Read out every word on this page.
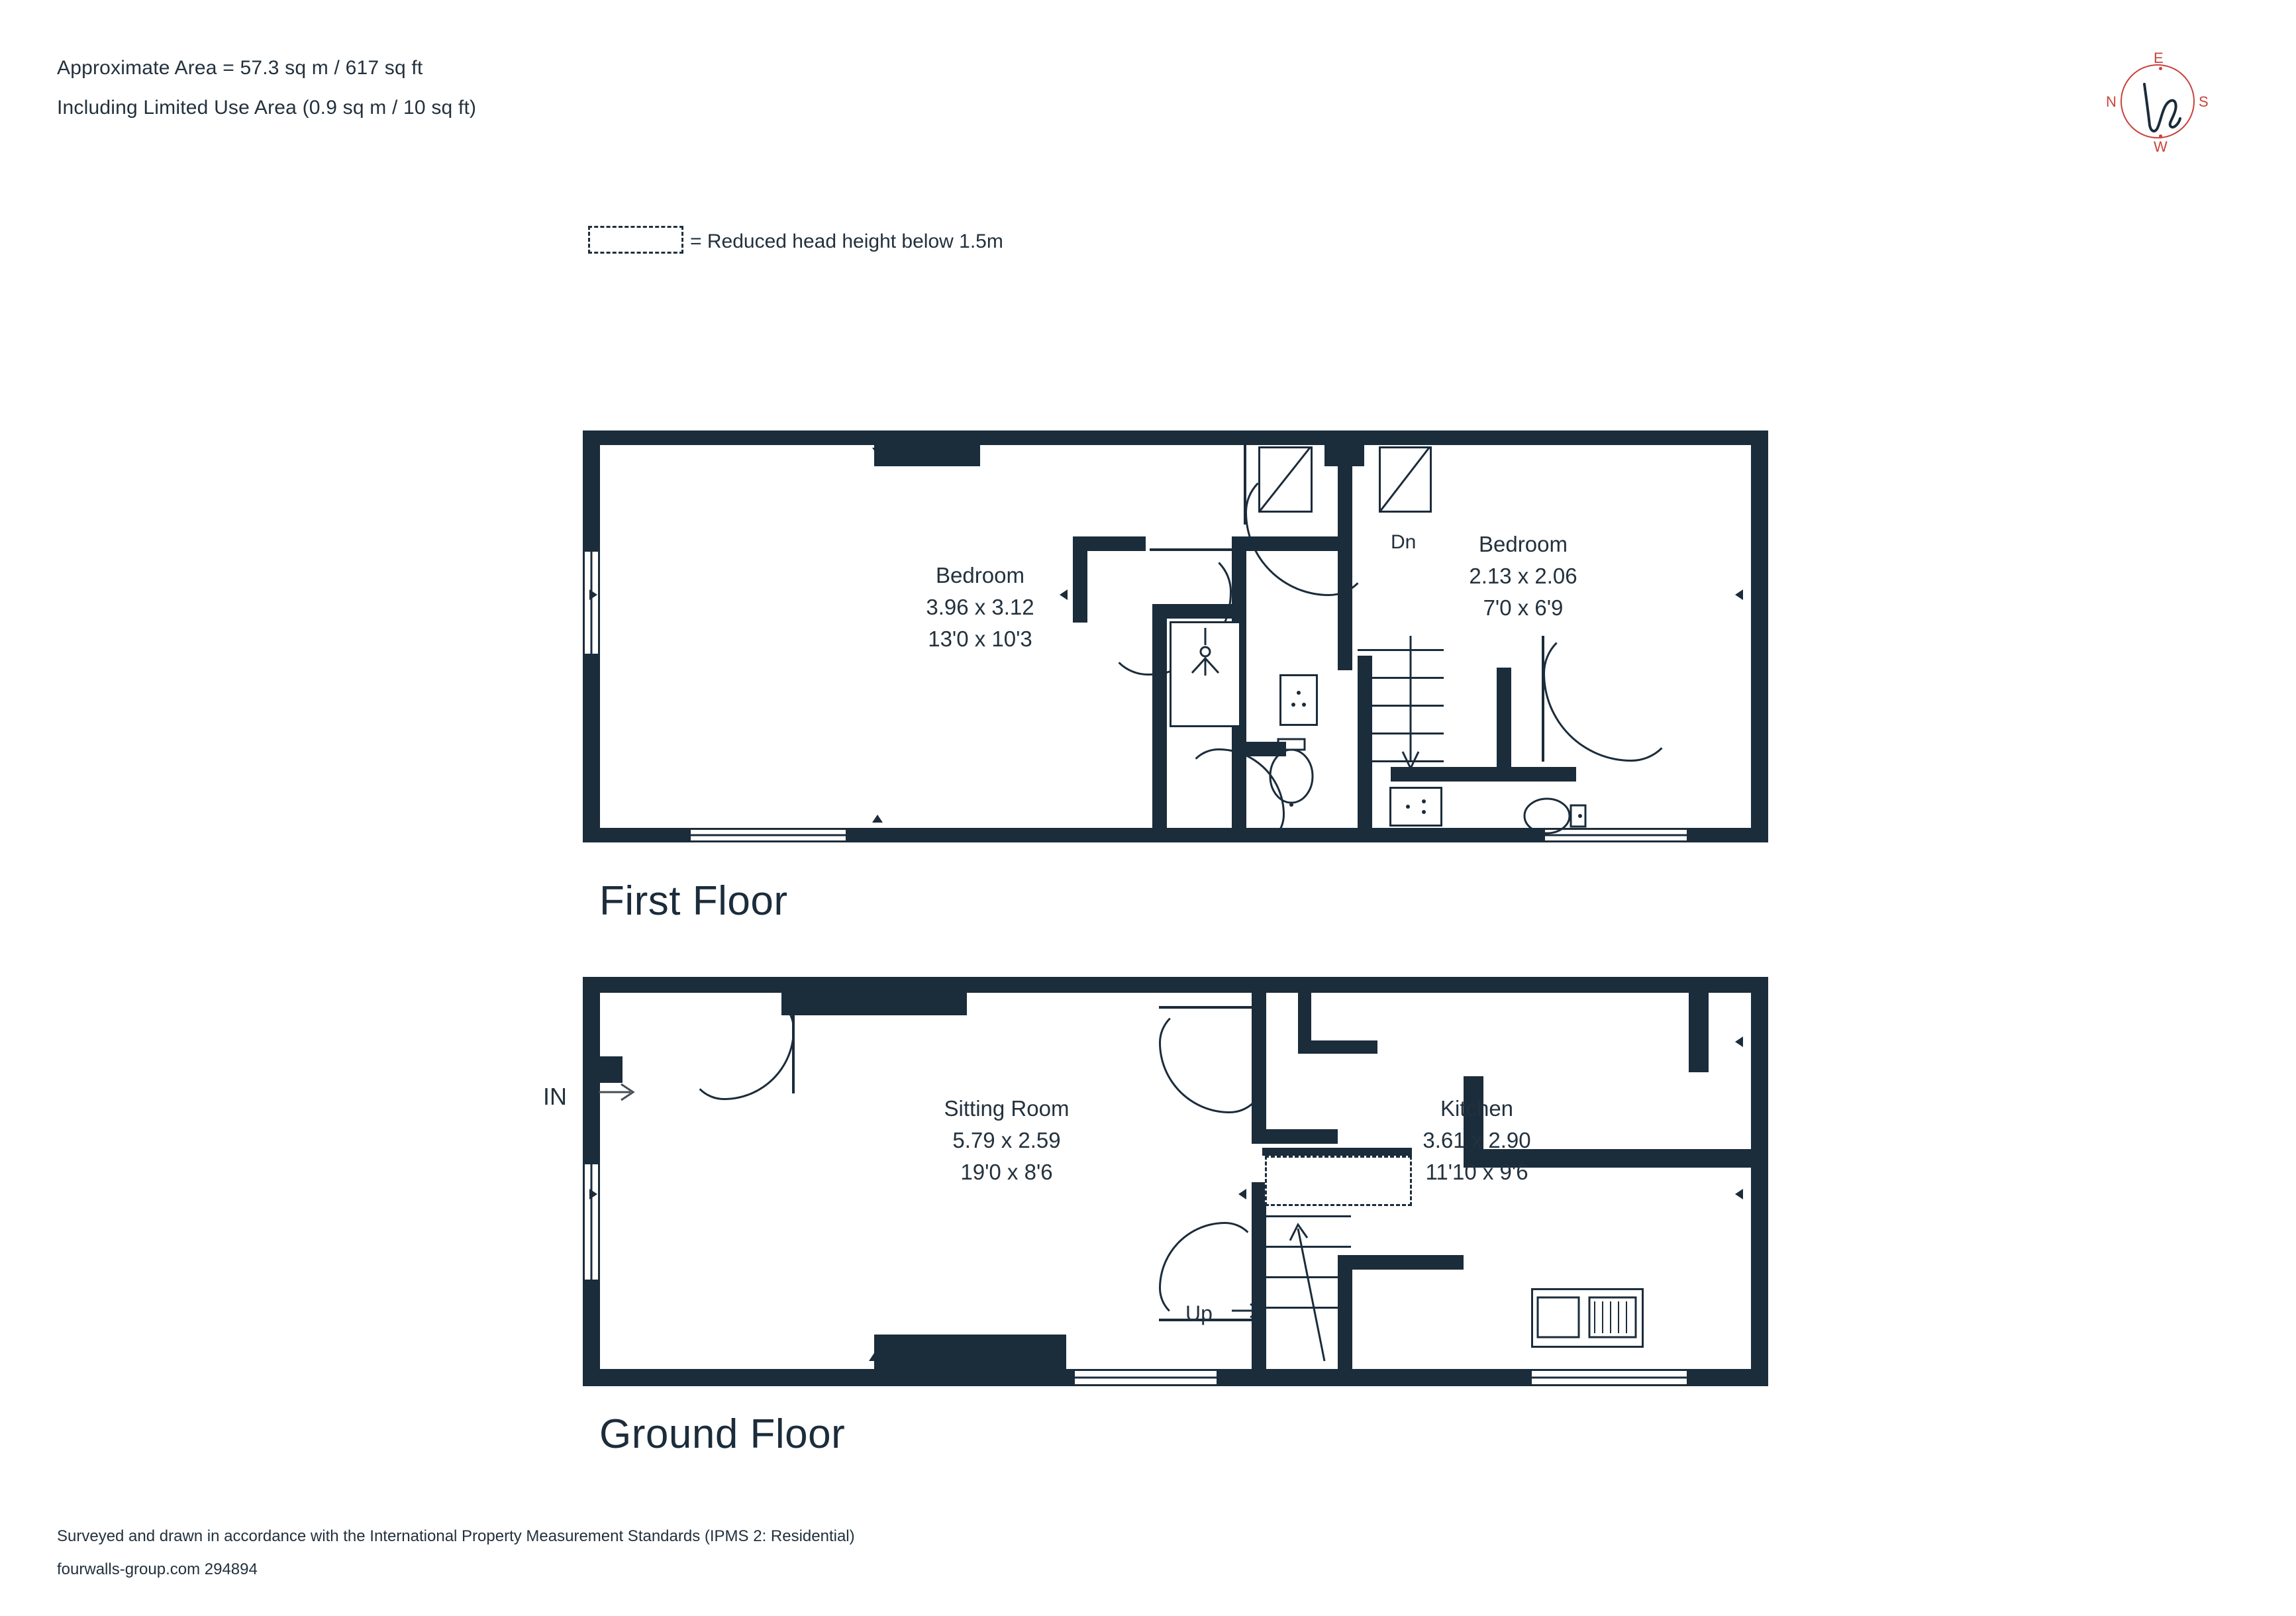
Approximate Area = 57.3 sq m / 617 sq ft
Including Limited Use Area (0.9 sq m / 10 sq ft)
= Reduced head height below 1.5m
N
E
S
W
Bedroom
3.96 x 3.12
13'0 x 10'3
Bedroom
2.13 x 2.06
7'0 x 6'9
Dn
First Floor
Sitting Room
5.79 x 2.59
19'0 x 8'6
Kitchen
3.61 x 2.90
11'10 x 9'6
IN
Up
Ground Floor
Surveyed and drawn in accordance with the International Property Measurement Standards (IPMS 2: Residential)
fourwalls-group.com 294894
